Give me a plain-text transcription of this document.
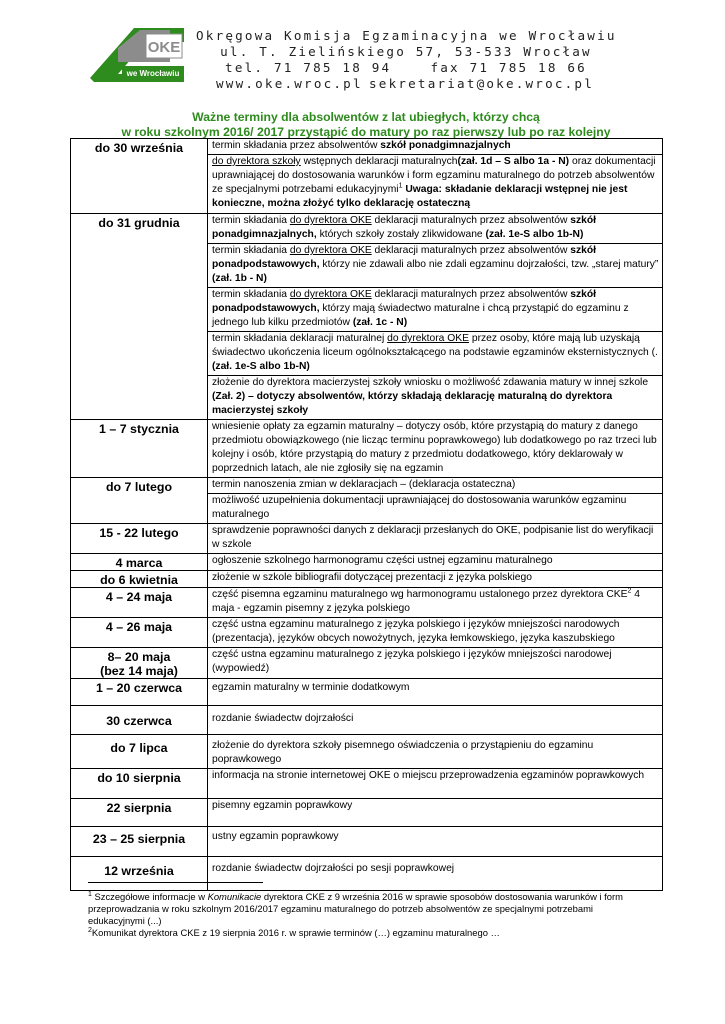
OKE
we Wrocławiu
Okręgowa Komisja Egzaminacyjna we Wrocławiu
ul. T. Zielińskiego 57, 53-533 Wrocław
tel. 71 785 18 94    fax 71 785 18 66
www.oke.wroc.pl sekretariat@oke.wroc.pl
Ważne terminy dla absolwentów z lat ubiegłych, którzy chcą
w roku szkolnym 2016/ 2017 przystąpić do matury po raz pierwszy lub po raz kolejny
do 30 września	termin składania przez absolwentów szkół ponadgimnazjalnych
do dyrektora szkoły wstępnych deklaracji maturalnych(zał. 1d – S albo 1a - N) oraz dokumentacji uprawniającej do dostosowania warunków i form egzaminu maturalnego do potrzeb absolwentów ze specjalnymi potrzebami edukacyjnymi$^1$ Uwaga: składanie deklaracji wstępnej nie jest konieczne, można złożyć tylko deklarację ostateczną

do 31 grudnia	termin składania do dyrektora OKE deklaracji maturalnych przez absolwentów szkół ponadgimnazjalnych, których szkoły zostały zlikwidowane (zał. 1e-S albo 1b-N)
termin składania do dyrektora OKE deklaracji maturalnych przez absolwentów szkół ponadpodstawowych, którzy nie zdawali albo nie zdali egzaminu dojrzałości, tzw. „starej matury” (zał. 1b - N)
termin składania do dyrektora OKE deklaracji maturalnych przez absolwentów szkół ponadpodstawowych, którzy mają świadectwo maturalne i chcą przystąpić do egzaminu z jednego lub kilku przedmiotów (zał. 1c - N)
termin składania deklaracji maturalnej do dyrektora OKE przez osoby, które mają lub uzyskają świadectwo ukończenia liceum ogólnokształcącego na podstawie egzaminów eksternistycznych (. (zał. 1e-S albo 1b-N)
złożenie do dyrektora macierzystej szkoły wniosku o możliwość zdawania matury w innej szkole (Zał. 2) – dotyczy absolwentów, którzy składają deklarację maturalną do dyrektora macierzystej szkoły

1 – 7 stycznia	wniesienie opłaty za egzamin maturalny – dotyczy osób, które przystąpią do matury z danego przedmiotu obowiązkowego (nie licząc terminu poprawkowego) lub dodatkowego po raz trzeci lub kolejny i osób, które przystąpią do matury z przedmiotu dodatkowego, który deklarowały w poprzednich latach, ale nie zgłosiły się na egzamin

do 7 lutego	termin nanoszenia zmian w deklaracjach – (deklaracja ostateczna)
możliwość uzupełnienia dokumentacji uprawniającej do dostosowania warunków egzaminu maturalnego

15 - 22 lutego	sprawdzenie poprawności danych z deklaracji przesłanych do OKE, podpisanie list do weryfikacji w szkole

4 marca	ogłoszenie szkolnego harmonogramu części ustnej egzaminu maturalnego

do 6 kwietnia	złożenie w szkole bibliografii dotyczącej prezentacji z języka polskiego

4 – 24 maja	część pisemna egzaminu maturalnego wg harmonogramu ustalonego przez dyrektora CKE$^2$ 4 maja - egzamin pisemny z języka polskiego

4 – 26 maja	część ustna egzaminu maturalnego z języka polskiego i języków mniejszości narodowych (prezentacja), języków obcych nowożytnych, języka łemkowskiego, języka kaszubskiego

8– 20 maja
(bez 14 maja)	część ustna egzaminu maturalnego z języka polskiego i języków mniejszości narodowej (wypowiedź)

1 – 20 czerwca	egzamin maturalny w terminie dodatkowym

30 czerwca	rozdanie świadectw dojrzałości

do 7 lipca	złożenie do dyrektora szkoły pisemnego oświadczenia o przystąpieniu do egzaminu poprawkowego

do 10 sierpnia	informacja na stronie internetowej OKE o miejscu przeprowadzenia egzaminów poprawkowych

22 sierpnia	pisemny egzamin poprawkowy

23 – 25 sierpnia	ustny egzamin poprawkowy

12 września	rozdanie świadectw dojrzałości po sesji poprawkowej
$^1$ Szczegółowe informacje w Komunikacie dyrektora CKE z 9 września 2016 w sprawie sposobów dostosowania warunków i form przeprowadzania w roku szkolnym 2016/2017 egzaminu maturalnego do potrzeb absolwentów ze specjalnymi potrzebami edukacyjnymi (...)
$^2$Komunikat dyrektora CKE z 19 sierpnia 2016 r. w sprawie terminów (…) egzaminu maturalnego …
